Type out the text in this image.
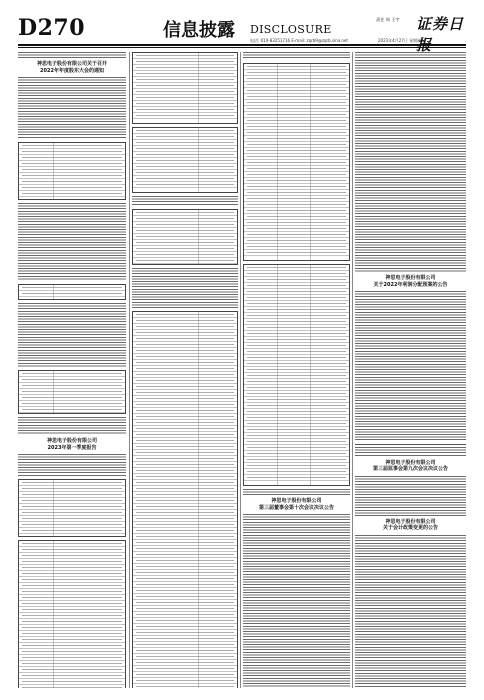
D270	信息披露 DISCLOSURE
责任 周 王宇 证券日
电话: 010-83251716 E-mail: zqrb9@zqrb.sina.net	2023年4月27日 星期四
神思电子股份有限公司关于召开
2022年年度股东大会的通知
神思电子股份有限公司
2023年第一季度报告
神思电子股份有限公司
第三届董事会第十次会议决议公告
神思电子股份有限公司
关于2022年利润分配预案的公告
神思电子股份有限公司
第三届监事会第九次会议决议公告
神思电子股份有限公司
关于会计政策变更的公告
